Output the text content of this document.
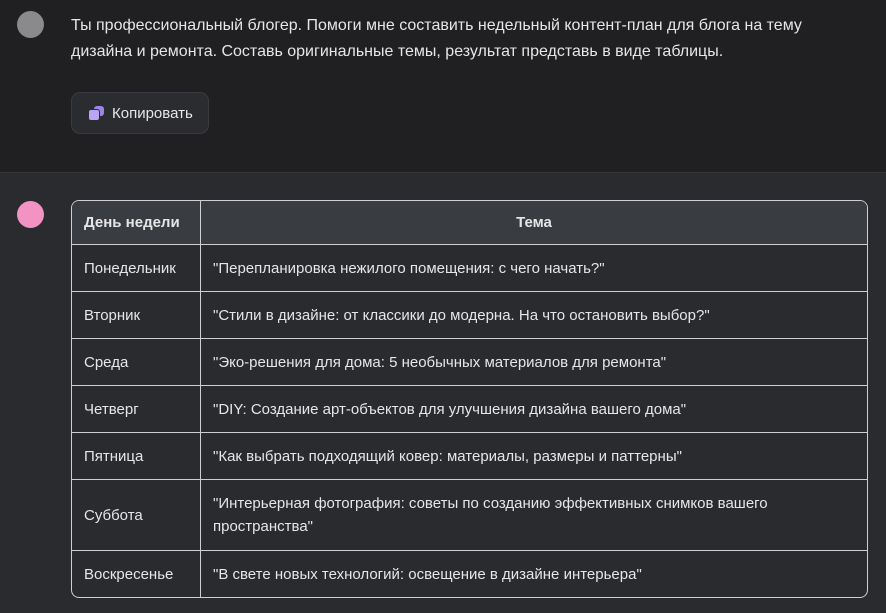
Ты профессиональный блогер. Помоги мне составить недельный контент-план для блога на тему дизайна и ремонта. Составь оригинальные темы, результат представь в виде таблицы.
Копировать
День недели	Тема
Понедельник	"Перепланировка нежилого помещения: с чего начать?"
Вторник	"Стили в дизайне: от классики до модерна. На что остановить выбор?"
Среда	"Эко-решения для дома: 5 необычных материалов для ремонта"
Четверг	"DIY: Создание арт-объектов для улучшения дизайна вашего дома"
Пятница	"Как выбрать подходящий ковер: материалы, размеры и паттерны"
Суббота	"Интерьерная фотография: советы по созданию эффективных снимков вашего пространства"
Воскресенье	"В свете новых технологий: освещение в дизайне интерьера"
